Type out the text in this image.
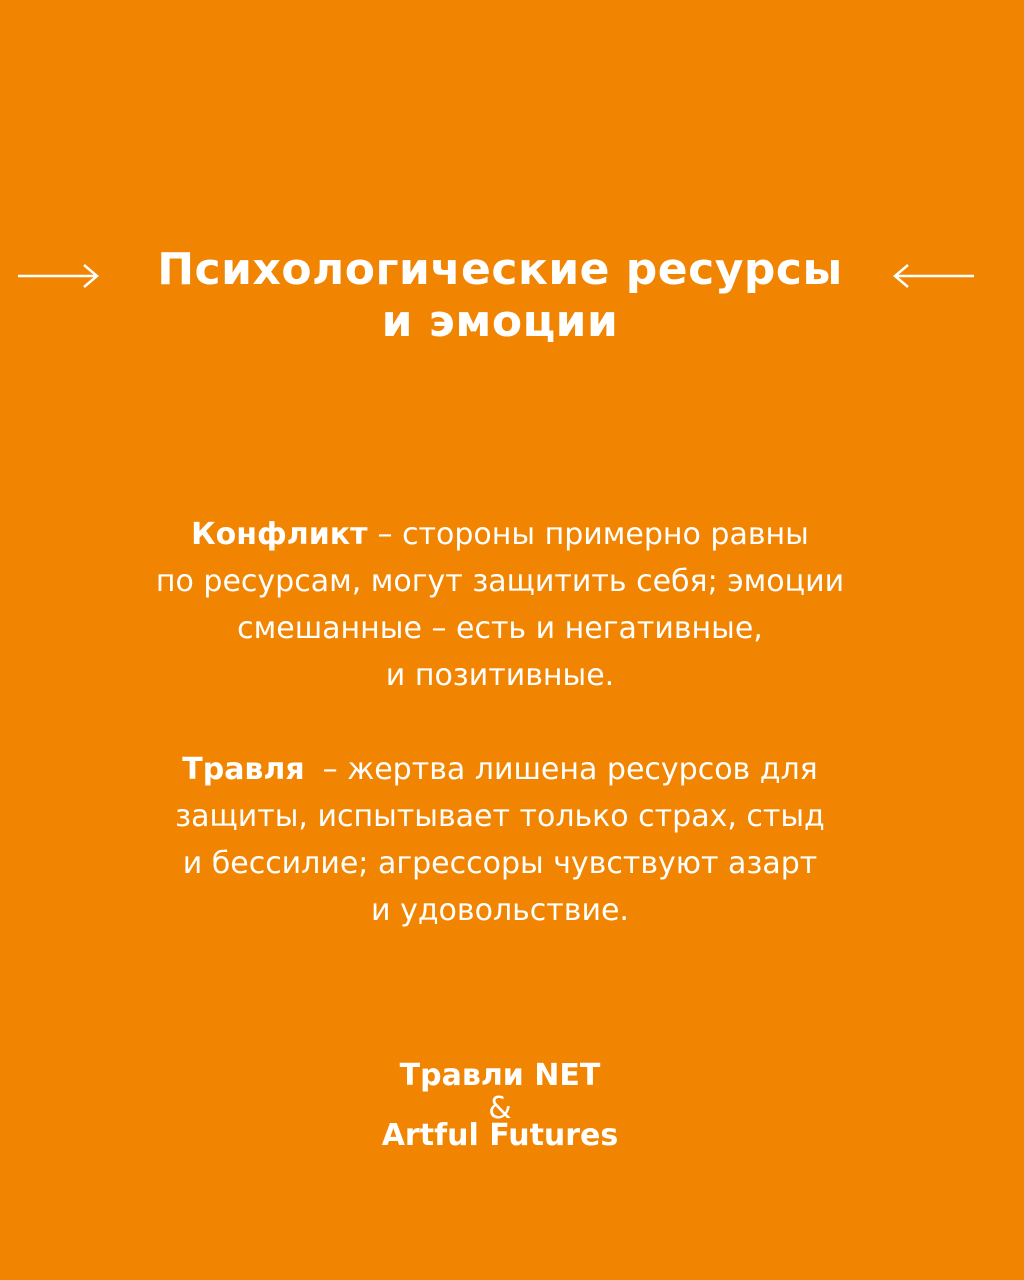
Психологические ресурсы
и эмоции

Конфликт – стороны примерно равны
по ресурсам, могут защитить себя; эмоции
смешанные – есть и негативные,
и позитивные.

Травля – жертва лишена ресурсов для
защиты, испытывает только страх, стыд
и бессилие; агрессоры чувствуют азарт
и удовольствие.

Травли NET
&
Artful Futures
